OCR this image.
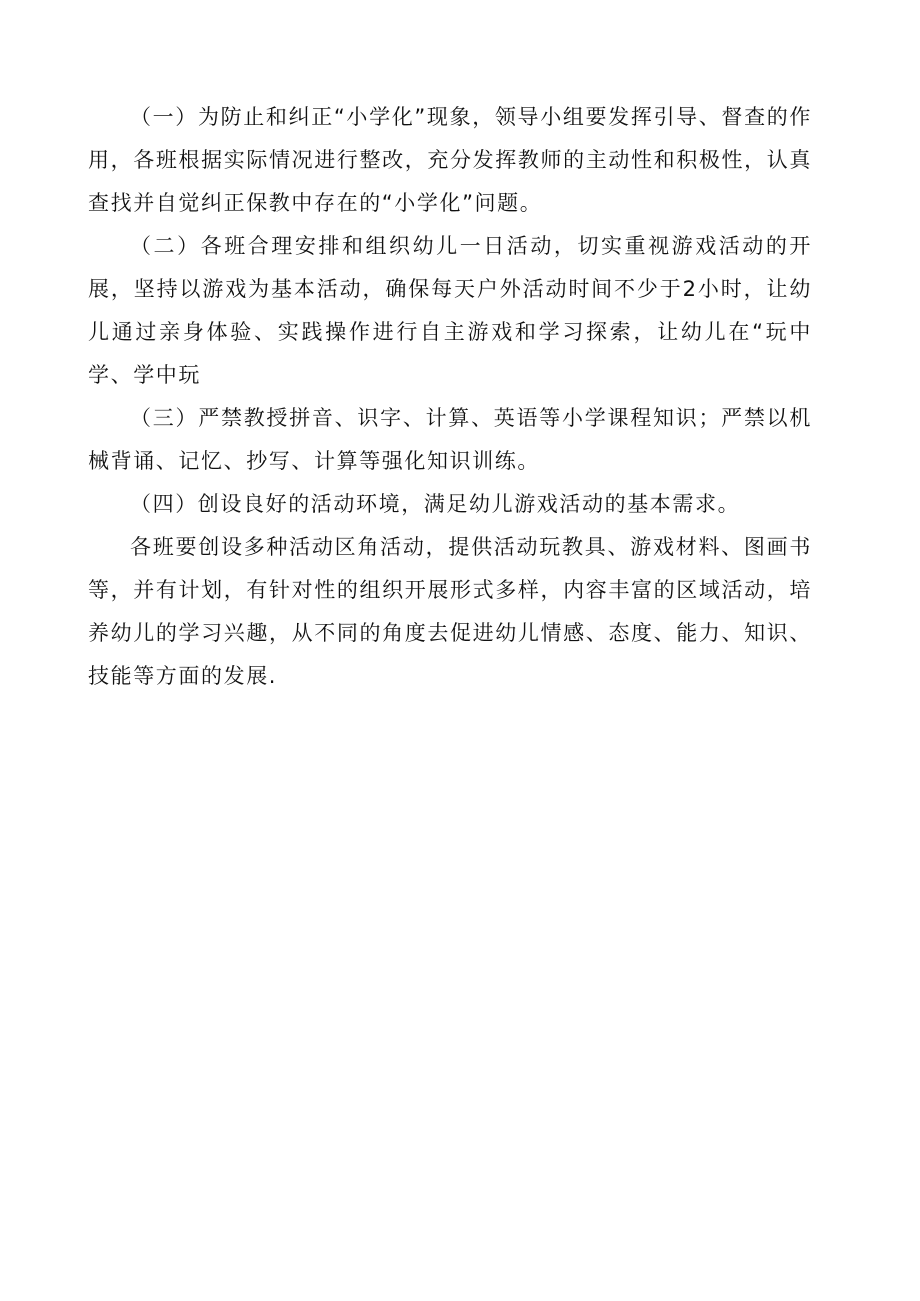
（一）为防止和纠正“小学化”现象，领导小组要发挥引导、督查的作用，各班根据实际情况进行整改，充分发挥教师的主动性和积极性，认真查找并自觉纠正保教中存在的“小学化”问题。

（二）各班合理安排和组织幼儿一日活动，切实重视游戏活动的开展，坚持以游戏为基本活动，确保每天户外活动时间不少于2小时，让幼儿通过亲身体验、实践操作进行自主游戏和学习探索，让幼儿在“玩中学、学中玩

（三）严禁教授拼音、识字、计算、英语等小学课程知识；严禁以机械背诵、记忆、抄写、计算等强化知识训练。

（四）创设良好的活动环境，满足幼儿游戏活动的基本需求。

各班要创设多种活动区角活动，提供活动玩教具、游戏材料、图画书等，并有计划，有针对性的组织开展形式多样，内容丰富的区域活动，培养幼儿的学习兴趣，从不同的角度去促进幼儿情感、态度、能力、知识、技能等方面的发展.
